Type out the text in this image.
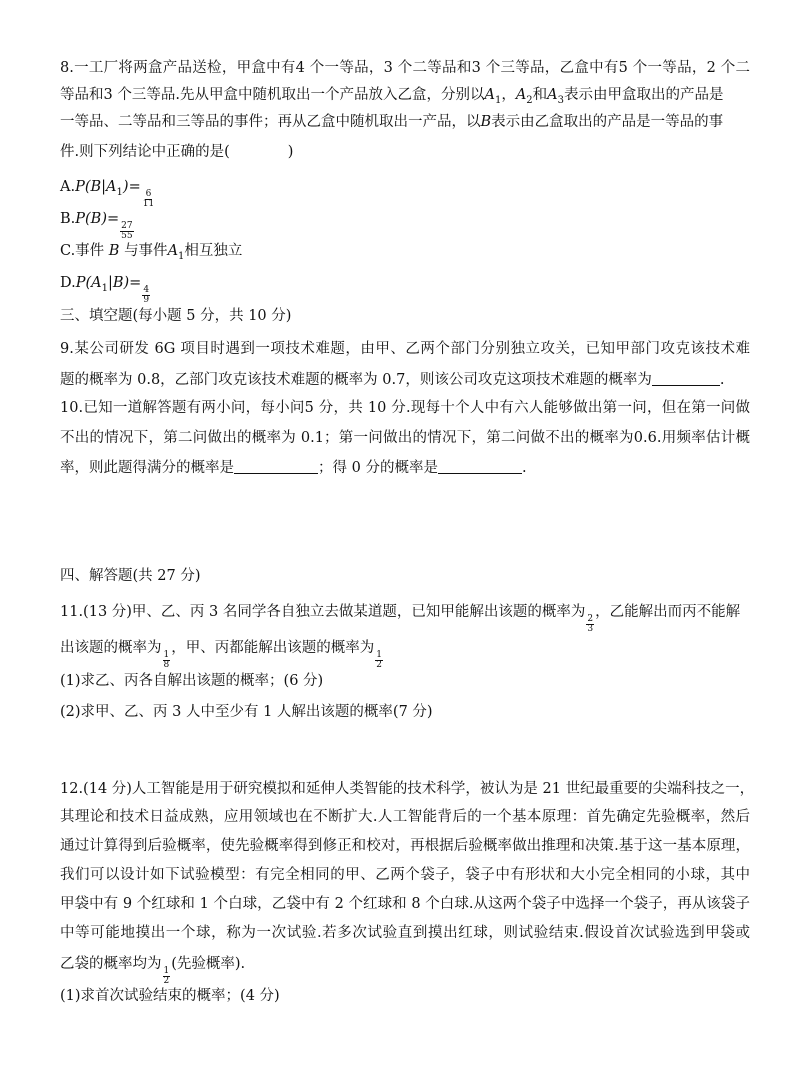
8.一工厂将两盒产品送检，甲盒中有4 个一等品，3 个二等品和3 个三等品，乙盒中有5 个一等品，2 个二
等品和3 个三等品.先从甲盒中随机取出一个产品放入乙盒，分别以$A_1$，$A_2$和$A_3$表示由甲盒取出的产品是
一等品、二等品和三等品的事件；再从乙盒中随机取出一产品，以B表示由乙盒取出的产品是一等品的事
件.则下列结论中正确的是(	)
$A.P(B|A_1)=$
$\frac{6}{11}$
B.P(B)=
$\frac{27}{55}$
C.事件 B 与事件$A_1$相互独立
$D.P(A_1|B)=$
$\frac{4}{9}$
三、填空题(每小题 5 分，共 10 分)
9.某公司研发 6G 项目时遇到一项技术难题，由甲、乙两个部门分别独立攻关，已知甲部门攻克该技术难
题的概率为 0.8，乙部门攻克该技术难题的概率为 0.7，则该公司攻克这项技术难题的概率为	.
10.已知一道解答题有两小问，每小问5 分，共 10 分.现每十个人中有六人能够做出第一问，但在第一问做
不出的情况下，第二问做出的概率为 0.1；第一问做出的情况下，第二问做不出的概率为0.6.用频率估计概
率，则此题得满分的概率是	；得 0 分的概率是	.
四、解答题(共 27 分)
11.(13 分)甲、乙、丙 3 名同学各自独立去做某道题，已知甲能解出该题的概率为
$\frac{2}{3}$
，乙能解出而丙不能解
出该题的概率为
$\frac{1}{8}$
，甲、丙都能解出该题的概率为
$\frac{1}{2}$
(1)求乙、丙各自解出该题的概率；(6 分)
(2)求甲、乙、丙 3 人中至少有 1 人解出该题的概率(7 分)
12.(14 分)人工智能是用于研究模拟和延伸人类智能的技术科学，被认为是 21 世纪最重要的尖端科技之一，
其理论和技术日益成熟，应用领域也在不断扩大.人工智能背后的一个基本原理：首先确定先验概率，然后
通过计算得到后验概率，使先验概率得到修正和校对，再根据后验概率做出推理和决策.基于这一基本原理，
我们可以设计如下试验模型：有完全相同的甲、乙两个袋子，袋子中有形状和大小完全相同的小球，其中
甲袋中有 9 个红球和 1 个白球，乙袋中有 2 个红球和 8 个白球.从这两个袋子中选择一个袋子，再从该袋子
中等可能地摸出一个球，称为一次试验.若多次试验直到摸出红球，则试验结束.假设首次试验选到甲袋或
乙袋的概率均为
$\frac{1}{2}$
(先验概率).
(1)求首次试验结束的概率；(4 分)
